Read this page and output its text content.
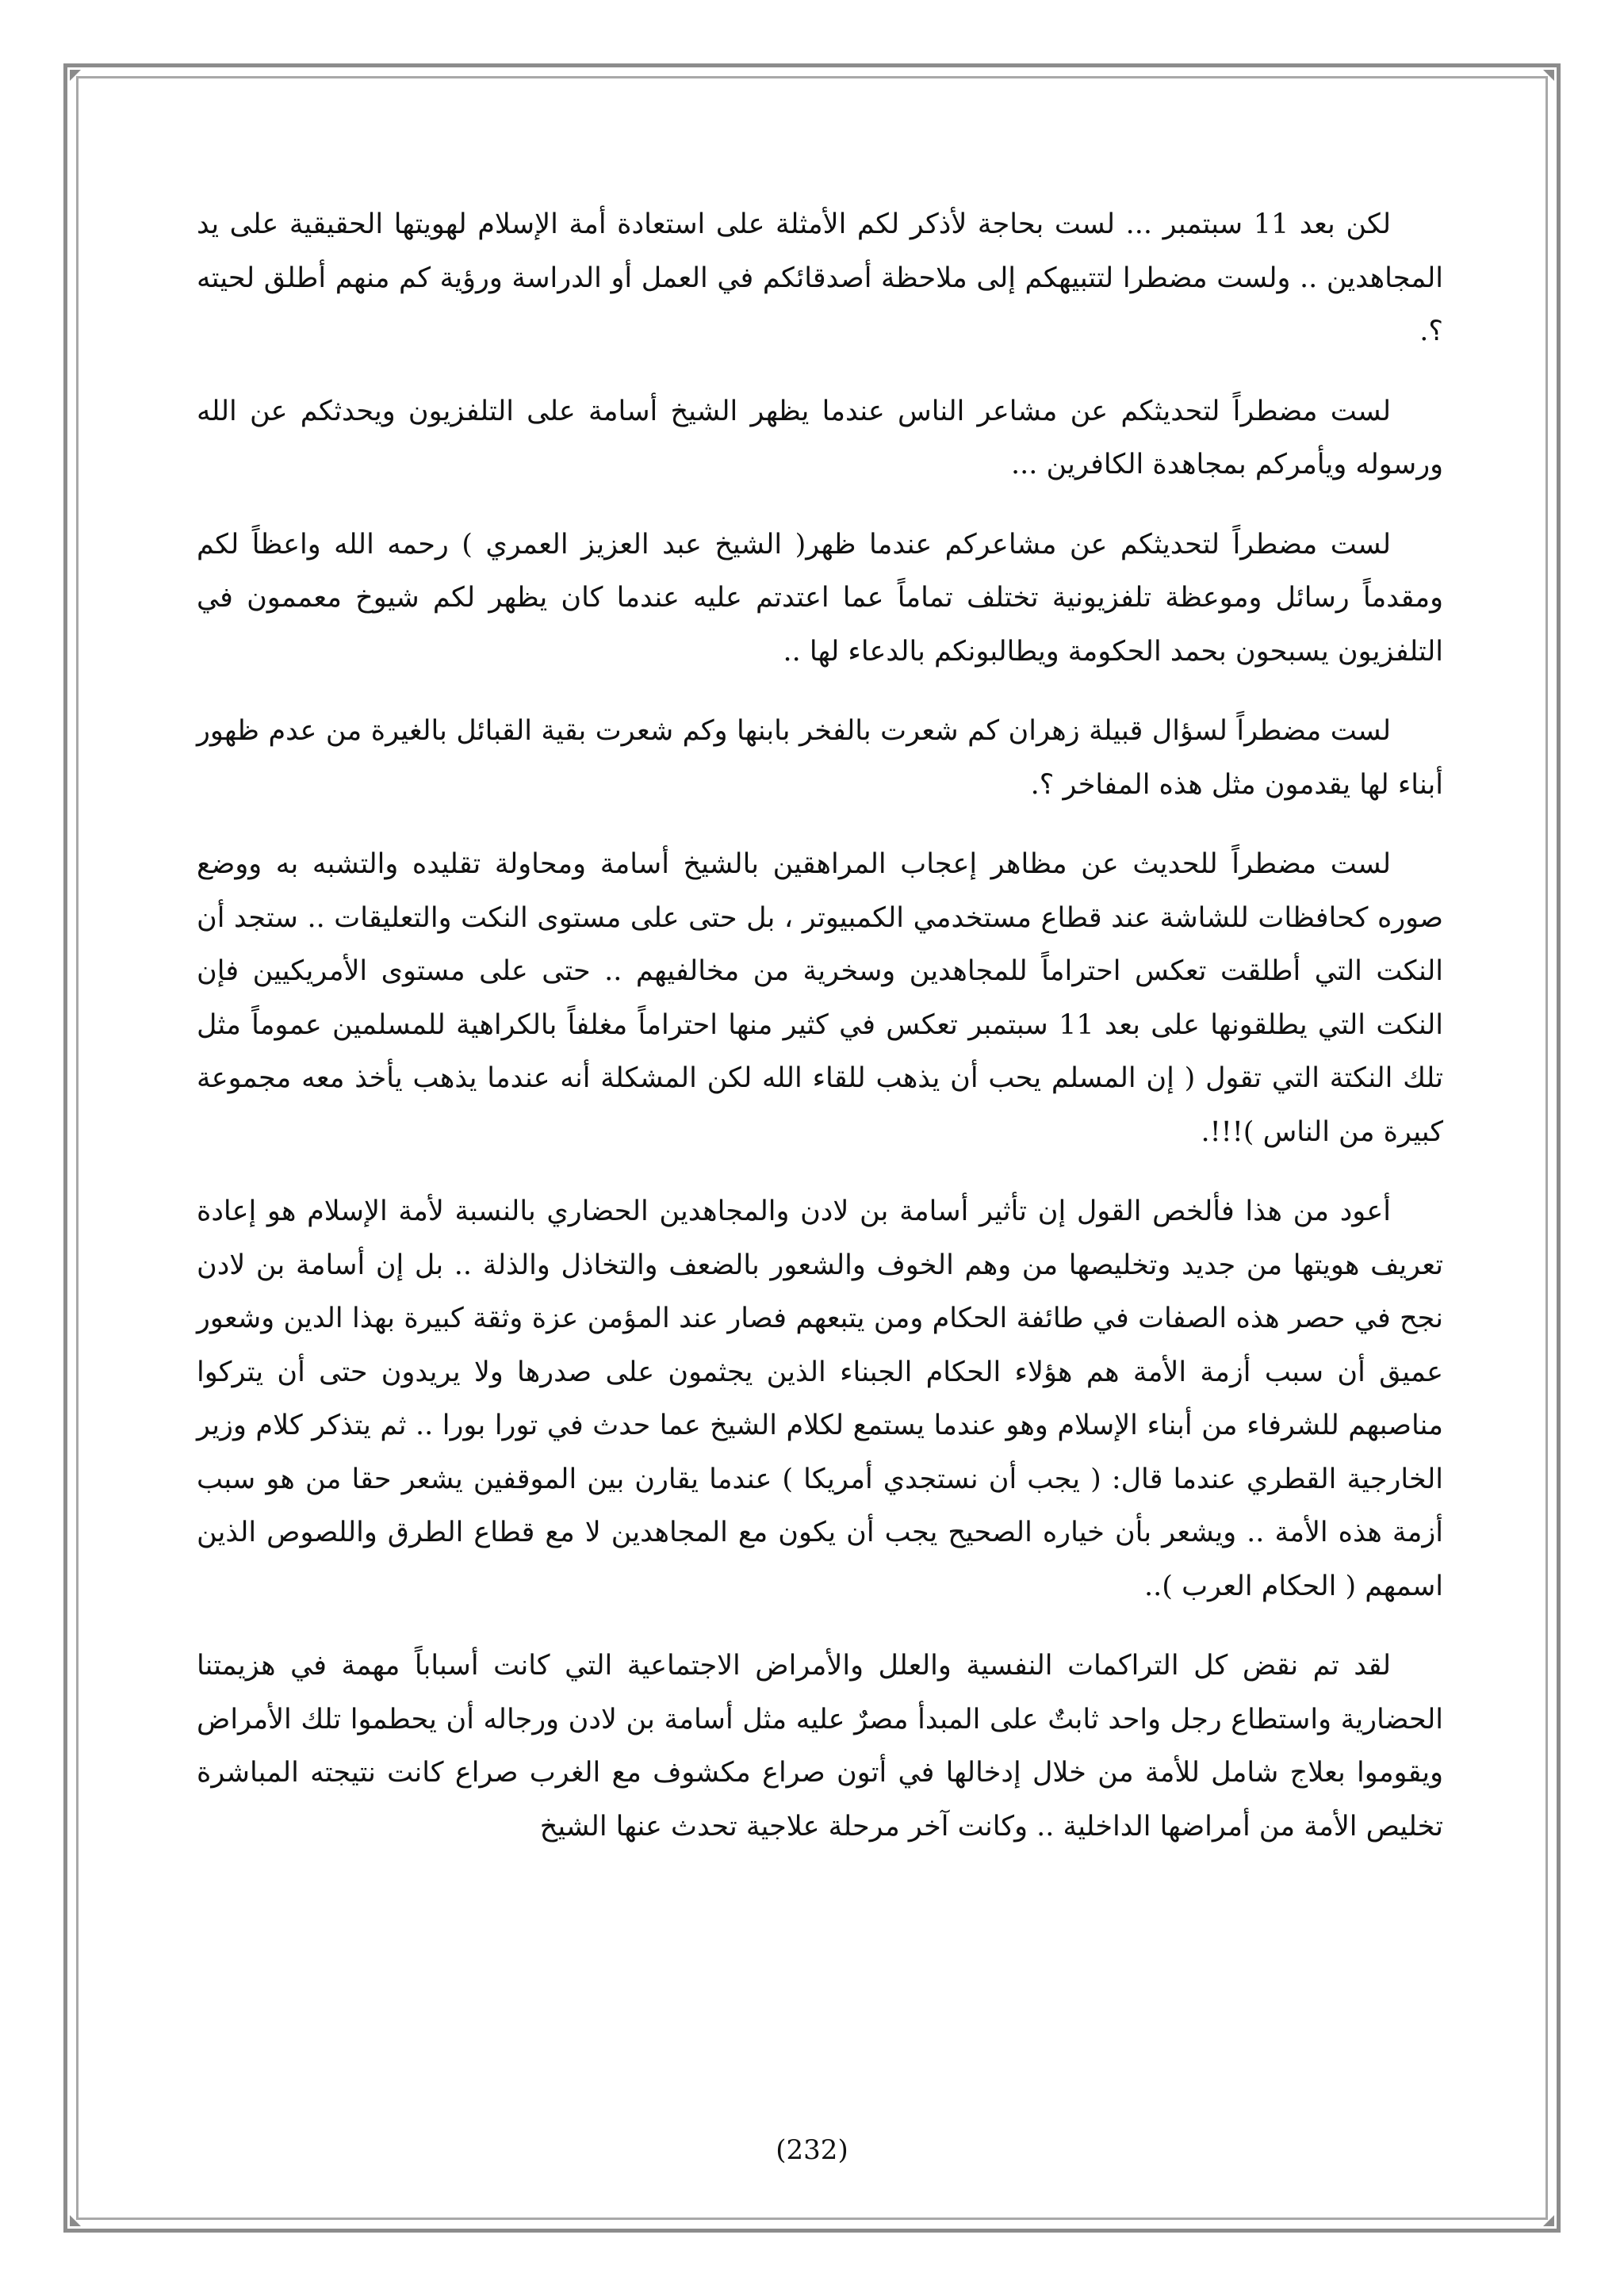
لكن بعد 11 سبتمبر ... لست بحاجة لأذكر لكم الأمثلة على استعادة أمة الإسلام لهويتها الحقيقية على يد المجاهدين .. ولست مضطرا لتتبيهكم إلى ملاحظة أصدقائكم في العمل أو الدراسة ورؤية كم منهم أطلق لحيته ؟.

لست مضطراً لتحديثكم عن مشاعر الناس عندما يظهر الشيخ أسامة على التلفزيون ويحدثكم عن الله ورسوله ويأمركم بمجاهدة الكافرين ...

لست مضطراً لتحديثكم عن مشاعركم عندما ظهر( الشيخ عبد العزيز العمري ) رحمه الله واعظاً لكم ومقدماً رسائل وموعظة تلفزيونية تختلف تماماً عما اعتدتم عليه عندما كان يظهر لكم شيوخ معممون في التلفزيون يسبحون بحمد الحكومة ويطالبونكم بالدعاء لها ..

لست مضطراً لسؤال قبيلة زهران كم شعرت بالفخر بابنها وكم شعرت بقية القبائل بالغيرة من عدم ظهور أبناء لها يقدمون مثل هذه المفاخر ؟.

لست مضطراً للحديث عن مظاهر إعجاب المراهقين بالشيخ أسامة ومحاولة تقليده والتشبه به ووضع صوره كحافظات للشاشة عند قطاع مستخدمي الكمبيوتر ، بل حتى على مستوى النكت والتعليقات .. ستجد أن النكت التي أطلقت تعكس احتراماً للمجاهدين وسخرية من مخالفيهم .. حتى على مستوى الأمريكيين فإن النكت التي يطلقونها على بعد 11 سبتمبر تعكس في كثير منها احتراماً مغلفاً بالكراهية للمسلمين عموماً مثل تلك النكتة التي تقول ( إن المسلم يحب أن يذهب للقاء الله لكن المشكلة أنه عندما يذهب يأخذ معه مجموعة كبيرة من الناس )!!!.

أعود من هذا فألخص القول إن تأثير أسامة بن لادن والمجاهدين الحضاري بالنسبة لأمة الإسلام هو إعادة تعريف هويتها من جديد وتخليصها من وهم الخوف والشعور بالضعف والتخاذل والذلة .. بل إن أسامة بن لادن نجح في حصر هذه الصفات في طائفة الحكام ومن يتبعهم فصار عند المؤمن عزة وثقة كبيرة بهذا الدين وشعور عميق أن سبب أزمة الأمة هم هؤلاء الحكام الجبناء الذين يجثمون على صدرها ولا يريدون حتى أن يتركوا مناصبهم للشرفاء من أبناء الإسلام وهو عندما يستمع لكلام الشيخ عما حدث في تورا بورا .. ثم يتذكر كلام وزير الخارجية القطري عندما قال: ( يجب أن نستجدي أمريكا ) عندما يقارن بين الموقفين يشعر حقا من هو سبب أزمة هذه الأمة .. ويشعر بأن خياره الصحيح يجب أن يكون مع المجاهدين لا مع قطاع الطرق واللصوص الذين اسمهم ( الحكام العرب )..

لقد تم نقض كل التراكمات النفسية والعلل والأمراض الاجتماعية التي كانت أسباباً مهمة في هزيمتنا الحضارية واستطاع رجل واحد ثابتٌ على المبدأ مصرٌ عليه مثل أسامة بن لادن ورجاله أن يحطموا تلك الأمراض ويقوموا بعلاج شامل للأمة من خلال إدخالها في أتون صراع مكشوف مع الغرب صراع كانت نتيجته المباشرة تخليص الأمة من أمراضها الداخلية .. وكانت آخر مرحلة علاجية تحدث عنها الشيخ

(232)
